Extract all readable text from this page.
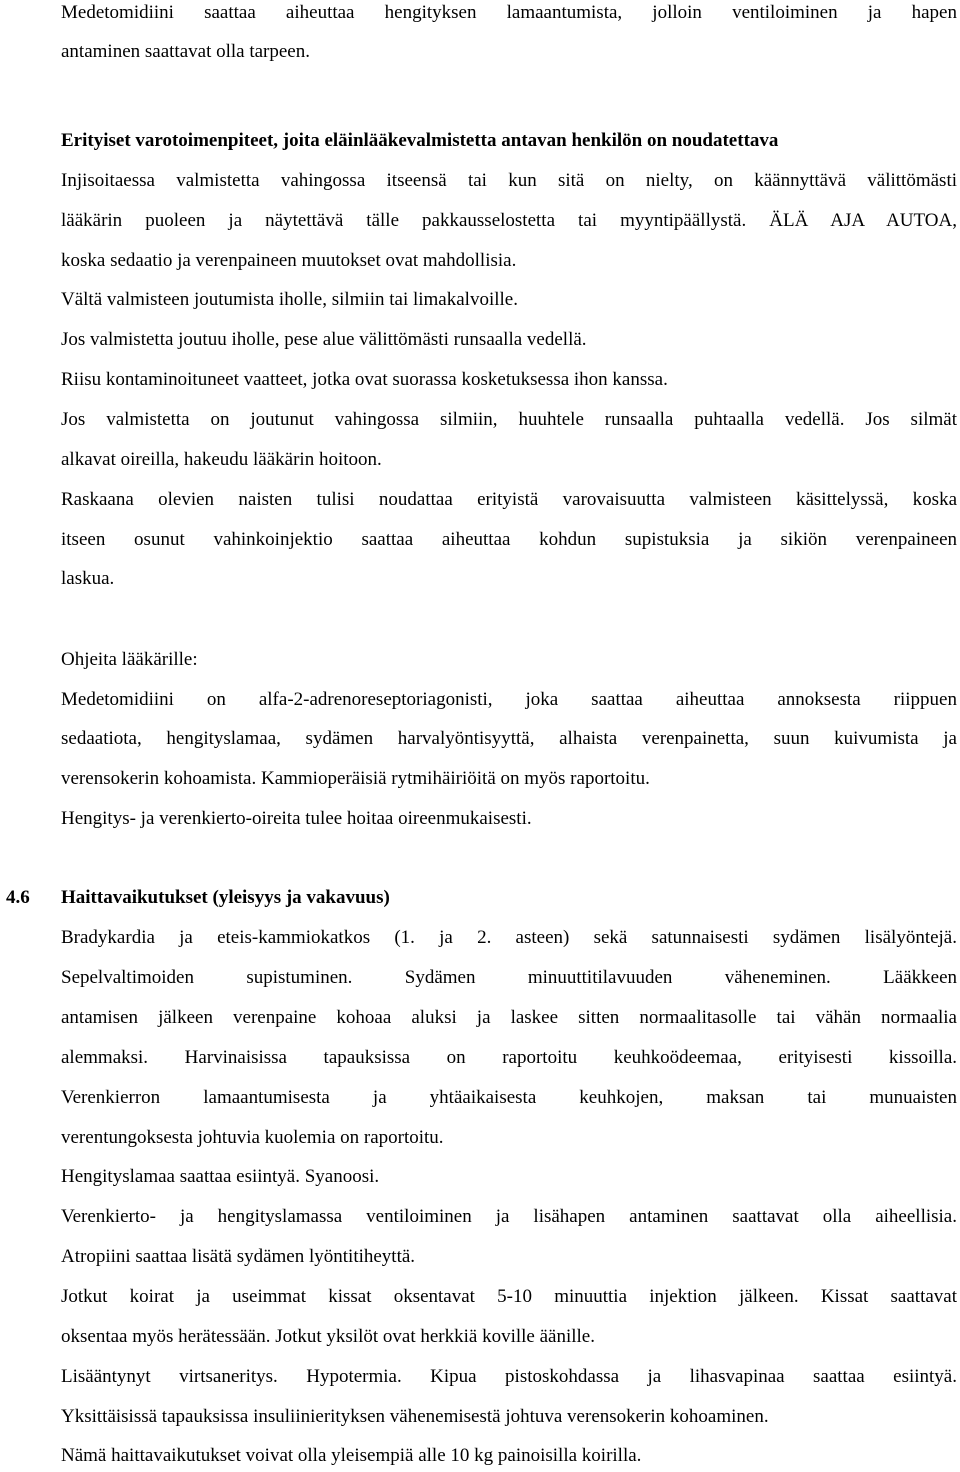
Medetomidiini saattaa aiheuttaa hengityksen lamaantumista, jolloin ventiloiminen ja hapen
antaminen saattavat olla tarpeen.
Erityiset varotoimenpiteet, joita eläinlääkevalmistetta antavan henkilön on noudatettava
Injisoitaessa valmistetta vahingossa itseensä tai kun sitä on nielty, on käännyttävä välittömästi
lääkärin puoleen ja näytettävä tälle pakkausselostetta tai myyntipäällystä. ÄLÄ AJA AUTOA,
koska sedaatio ja verenpaineen muutokset ovat mahdollisia.
Vältä valmisteen joutumista iholle, silmiin tai limakalvoille.
Jos valmistetta joutuu iholle, pese alue välittömästi runsaalla vedellä.
Riisu kontaminoituneet vaatteet, jotka ovat suorassa kosketuksessa ihon kanssa.
Jos valmistetta on joutunut vahingossa silmiin, huuhtele runsaalla puhtaalla vedellä. Jos silmät
alkavat oireilla, hakeudu lääkärin hoitoon.
Raskaana olevien naisten tulisi noudattaa erityistä varovaisuutta valmisteen käsittelyssä, koska
itseen osunut vahinkoinjektio saattaa aiheuttaa kohdun supistuksia ja sikiön verenpaineen
laskua.
Ohjeita lääkärille:
Medetomidiini on alfa-2-adrenoreseptoriagonisti, joka saattaa aiheuttaa annoksesta riippuen
sedaatiota, hengityslamaa, sydämen harvalyöntisyyttä, alhaista verenpainetta, suun kuivumista ja
verensokerin kohoamista. Kammioperäisiä rytmihäiriöitä on myös raportoitu.
Hengitys- ja verenkierto-oireita tulee hoitaa oireenmukaisesti.
4.6 Haittavaikutukset (yleisyys ja vakavuus)
Bradykardia ja eteis-kammiokatkos (1. ja 2. asteen) sekä satunnaisesti sydämen lisälyöntejä.
Sepelvaltimoiden supistuminen. Sydämen minuuttitilavuuden väheneminen. Lääkkeen
antamisen jälkeen verenpaine kohoaa aluksi ja laskee sitten normaalitasolle tai vähän normaalia
alemmaksi. Harvinaisissa tapauksissa on raportoitu keuhkoödeemaa, erityisesti kissoilla.
Verenkierron lamaantumisesta ja yhtäaikaisesta keuhkojen, maksan tai munuaisten
verentungoksesta johtuvia kuolemia on raportoitu.
Hengityslamaa saattaa esiintyä. Syanoosi.
Verenkierto- ja hengityslamassa ventiloiminen ja lisähapen antaminen saattavat olla aiheellisia.
Atropiini saattaa lisätä sydämen lyöntitiheyttä.
Jotkut koirat ja useimmat kissat oksentavat 5-10 minuuttia injektion jälkeen. Kissat saattavat
oksentaa myös herätessään. Jotkut yksilöt ovat herkkiä koville äänille.
Lisääntynyt virtsaneritys. Hypotermia. Kipua pistoskohdassa ja lihasvapinaa saattaa esiintyä.
Yksittäisissä tapauksissa insuliinierityksen vähenemisestä johtuva verensokerin kohoaminen.
Nämä haittavaikutukset voivat olla yleisempiä alle 10 kg painoisilla koirilla.
